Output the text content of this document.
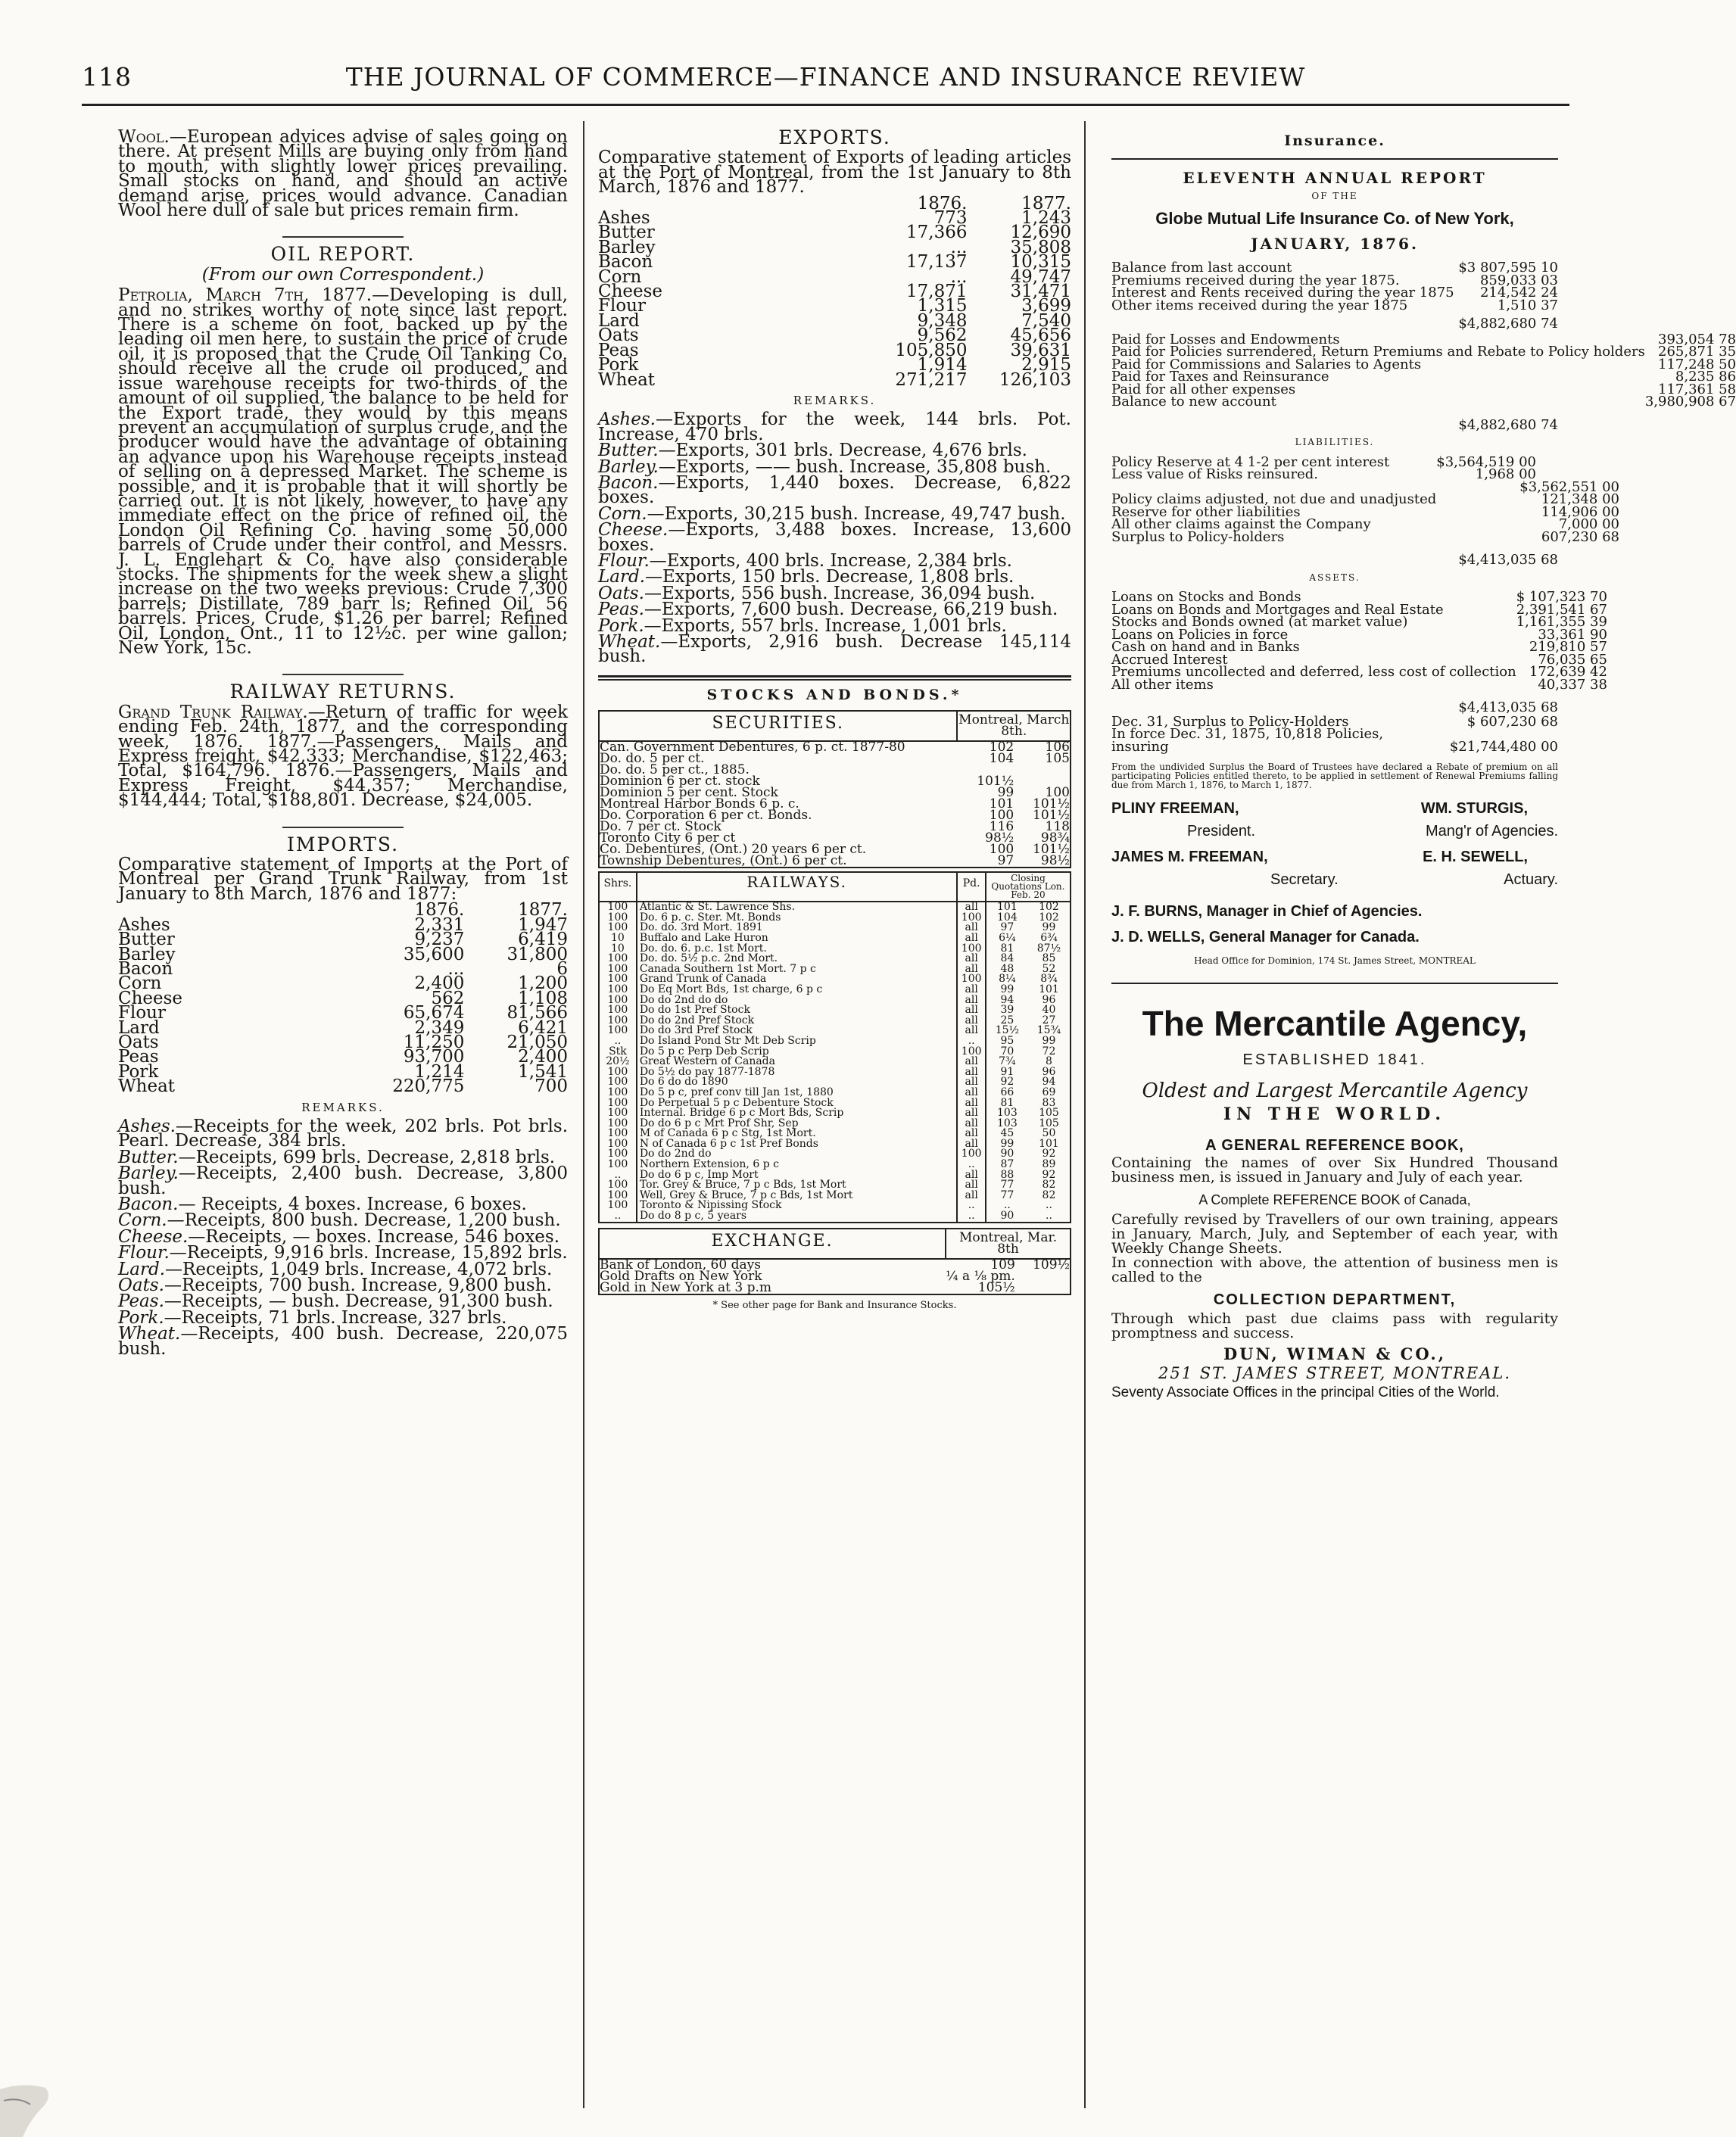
118	THE JOURNAL OF COMMERCE—FINANCE AND INSURANCE REVIEW

Wool.—European advices advise of sales going on there. At present Mills are buying only from hand to mouth, with slightly lower prices prevailing. Small stocks on hand, and should an active demand arise, prices would advance. Canadian Wool here dull of sale but prices remain firm.

OIL REPORT.
(From our own Correspondent.)

Petrolia, March 7th, 1877.—Developing is dull, and no strikes worthy of note since last report. There is a scheme on foot, backed up by the leading oil men here, to sustain the price of crude oil, it is proposed that the Crude Oil Tanking Co. should receive all the crude oil produced, and issue warehouse receipts for two-thirds of the amount of oil supplied, the balance to be held for the Export trade, they would by this means prevent an accumulation of surplus crude, and the producer would have the advantage of obtaining an advance upon his Warehouse receipts instead of selling on a depressed Market. The scheme is possible, and it is probable that it will shortly be carried out. It is not likely, however, to have any immediate effect on the price of refined oil, the London Oil Refining Co. having some 50,000 barrels of Crude under their control, and Messrs. J. L. Englehart & Co. have also considerable stocks. The shipments for the week shew a slight increase on the two weeks previous: Crude 7,300 barrels; Distillate, 789 barr ls; Refined Oil, 56 barrels. Prices, Crude, $1.26 per barrel; Refined Oil, London, Ont., 11 to 12½c. per wine gallon; New York, 15c.

RAILWAY RETURNS.

Grand Trunk Railway.—Return of traffic for week ending Feb. 24th, 1877, and the corresponding week, 1876. 1877.—Passengers, Mails and Express freight, $42,333; Merchandise, $122,463; Total, $164,796. 1876.—Passengers, Mails and Express Freight, $44,357; Merchandise, $144,444; Total, $188,801. Decrease, $24,005.

IMPORTS.

Comparative statement of Imports at the Port of Montreal per Grand Trunk Railway, from 1st January to 8th March, 1876 and 1877:

	1876.	1877.
Ashes	2,331	1,947
Butter	9,237	6,419
Barley	35,600	31,800
Bacon	...	6
Corn	2,400	1,200
Cheese	562	1,108
Flour	65,674	81,566
Lard	2,349	6,421
Oats	11,250	21,050
Peas	93,700	2,400
Pork	1,214	1,541
Wheat	220,775	700
REMARKS.

Ashes.—Receipts for the week, 202 brls. Pot brls. Pearl. Decrease, 384 brls.

Butter.—Receipts, 699 brls. Decrease, 2,818 brls.

Barley.—Receipts, 2,400 bush. Decrease, 3,800 bush.

Bacon.— Receipts, 4 boxes. Increase, 6 boxes.

Corn.—Receipts, 800 bush. Decrease, 1,200 bush.

Cheese.—Receipts, — boxes. Increase, 546 boxes.

Flour.—Receipts, 9,916 brls. Increase, 15,892 brls.

Lard.—Receipts, 1,049 brls. Increase, 4,072 brls.

Oats.—Receipts, 700 bush. Increase, 9,800 bush.

Peas.—Receipts, — bush. Decrease, 91,300 bush.

Pork.—Receipts, 71 brls. Increase, 327 brls.

Wheat.—Receipts, 400 bush. Decrease, 220,075 bush.

EXPORTS.

Comparative statement of Exports of leading articles at the Port of Montreal, from the 1st January to 8th March, 1876 and 1877.

	1876.	1877.
Ashes	773	1,243
Butter	17,366	12,690
Barley	...	35,808
Bacon	17,137	10,315
Corn	...	49,747
Cheese	17,871	31,471
Flour	1,315	3,699
Lard	9,348	7,540
Oats	9,562	45,656
Peas	105,850	39,631
Pork	1,914	2,915
Wheat	271,217	126,103
REMARKS.

Ashes.—Exports for the week, 144 brls. Pot. Increase, 470 brls.

Butter.—Exports, 301 brls. Decrease, 4,676 brls.

Barley.—Exports, —— bush. Increase, 35,808 bush.

Bacon.—Exports, 1,440 boxes. Decrease, 6,822 boxes.

Corn.—Exports, 30,215 bush. Increase, 49,747 bush.

Cheese.—Exports, 3,488 boxes. Increase, 13,600 boxes.

Flour.—Exports, 400 brls. Increase, 2,384 brls.

Lard.—Exports, 150 brls. Decrease, 1,808 brls.

Oats.—Exports, 556 bush. Increase, 36,094 bush.

Peas.—Exports, 7,600 bush. Decrease, 66,219 bush.

Pork.—Exports, 557 brls. Increase, 1,001 brls.

Wheat.—Exports, 2,916 bush. Decrease 145,114 bush.

STOCKS AND BONDS.*
SECURITIES.	Montreal, March 8th.	
Can. Government Debentures, 6 p. ct. 1877-80	102	106
Do. do. 5 per ct.	104	105
Do. do. 5 per ct., 1885.		
Dominion 6 per ct. stock	101½	
Dominion 5 per cent. Stock	99	100
Montreal Harbor Bonds 6 p. c.	101	101½
Do. Corporation 6 per ct. Bonds.	100	101½
Do. 7 per ct. Stock	116	118
Toronto City 6 per ct	98½	98¾
Co. Debentures, (Ont.) 20 years 6 per ct.	100	101½
Township Debentures, (Ont.) 6 per ct.	97	98½
Shrs.	RAILWAYS.	Pd.	Closing Quotations Lon. Feb. 20	
100	Atlantic & St. Lawrence Shs.	all	101	102
100	Do. 6 p. c. Ster. Mt. Bonds	100	104	102
100	Do. do. 3rd Mort. 1891	all	97	99
10	Buffalo and Lake Huron	all	6¼	6¾
10	Do. do. 6. p.c. 1st Mort.	100	81	87½
100	Do. do. 5½ p.c. 2nd Mort.	all	84	85
100	Canada Southern 1st Mort. 7 p c	all	48	52
100	Grand Trunk of Canada	100	8¼	8¾
100	Do Eq Mort Bds, 1st charge, 6 p c	all	99	101
100	Do do 2nd do do	all	94	96
100	Do do 1st Pref Stock	all	39	40
100	Do do 2nd Pref Stock	all	25	27
100	Do do 3rd Pref Stock	all	15½	15¾
..	Do Island Pond Str Mt Deb Scrip	..	95	99
Stk	Do 5 p c Perp Deb Scrip	100	70	72
20½	Great Western of Canada	all	7¾	8
100	Do 5½ do pay 1877-1878	all	91	96
100	Do 6 do do 1890	all	92	94
100	Do 5 p c, pref conv till Jan 1st, 1880	all	66	69
100	Do Perpetual 5 p c Debenture Stock	all	81	83
100	Internal. Bridge 6 p c Mort Bds, Scrip	all	103	105
100	Do do 6 p c Mrt Prof Shr, Sep	all	103	105
100	M of Canada 6 p c Stg, 1st Mort.	all	45	50
100	N of Canada 6 p c 1st Pref Bonds	all	99	101
100	Do do 2nd do	100	90	92
100	Northern Extension, 6 p c	..	87	89
..	Do do 6 p c, Imp Mort	all	88	92
100	Tor. Grey & Bruce, 7 p c Bds, 1st Mort	all	77	82
100	Well, Grey & Bruce, 7 p c Bds, 1st Mort	all	77	82
100	Toronto & Nipissing Stock	..	..	..
..	Do do 8 p c, 5 years	..	90	..
EXCHANGE.	Montreal, Mar. 8th	
Bank of London, 60 days	109	109½
Gold Drafts on New York	¼ a ⅛ pm.	
Gold in New York at 3 p.m	105½	
* See other page for Bank and Insurance Stocks.
Insurance.
ELEVENTH ANNUAL REPORT
OF THE
Globe Mutual Life Insurance Co. of New York,
JANUARY, 1876.
Balance from last account	$3 807,595 10
Premiums received during the year 1875.	859,033 03
Interest and Rents received during the year 1875	214,542 24
Other items received during the year 1875	1,510 37
$4,882,680 74
Paid for Losses and Endowments	393,054 78
Paid for Policies surrendered, Return Premiums and Rebate to Policy holders	265,871 35
Paid for Commissions and Salaries to Agents	117,248 50
Paid for Taxes and Reinsurance	8,235 86
Paid for all other expenses	117,361 58
Balance to new account	3,980,908 67
$4,882,680 74
LIABILITIES.
Policy Reserve at 4 1-2 per cent interest	$3,564,519 00
Less value of Risks reinsured.	1,968 00
	$3,562,551 00
Policy claims adjusted, not due and unadjusted	121,348 00
Reserve for other liabilities	114,906 00
All other claims against the Company	7,000 00
Surplus to Policy-holders	607,230 68
$4,413,035 68
ASSETS.
Loans on Stocks and Bonds	$ 107,323 70
Loans on Bonds and Mortgages and Real Estate	2,391,541 67
Stocks and Bonds owned (at market value)	1,161,355 39
Loans on Policies in force	33,361 90
Cash on hand and in Banks	219,810 57
Accrued Interest	76,035 65
Premiums uncollected and deferred, less cost of collection	172,639 42
All other items	40,337 38
$4,413,035 68
Dec. 31, Surplus to Policy-Holders	$ 607,230 68
In force Dec. 31, 1875, 10,818 Policies, insuring	$21,744,480 00

From the undivided Surplus the Board of Trustees have declared a Rebate of premium on all participating Policies entitled thereto, to be applied in settlement of Renewal Premiums falling due from March 1, 1876, to March 1, 1877.

PLINY FREEMAN,	WM. STURGIS,
President.	Mang'r of Agencies.
JAMES M. FREEMAN,	E. H. SEWELL,
Secretary.	Actuary.
J. F. BURNS, Manager in Chief of Agencies.
J. D. WELLS, General Manager for Canada.
Head Office for Dominion, 174 St. James Street, MONTREAL
The Mercantile Agency,
ESTABLISHED 1841.
Oldest and Largest Mercantile Agency
IN THE WORLD.
A GENERAL REFERENCE BOOK,

Containing the names of over Six Hundred Thousand business men, is issued in January and July of each year.

A Complete REFERENCE BOOK of Canada,

Carefully revised by Travellers of our own training, appears in January, March, July, and September of each year, with Weekly Change Sheets.

In connection with above, the attention of business men is called to the

COLLECTION DEPARTMENT,

Through which past due claims pass with regularity promptness and success.

DUN, WIMAN & CO.,
251 ST. JAMES STREET, MONTREAL.
Seventy Associate Offices in the principal Cities of the World.
